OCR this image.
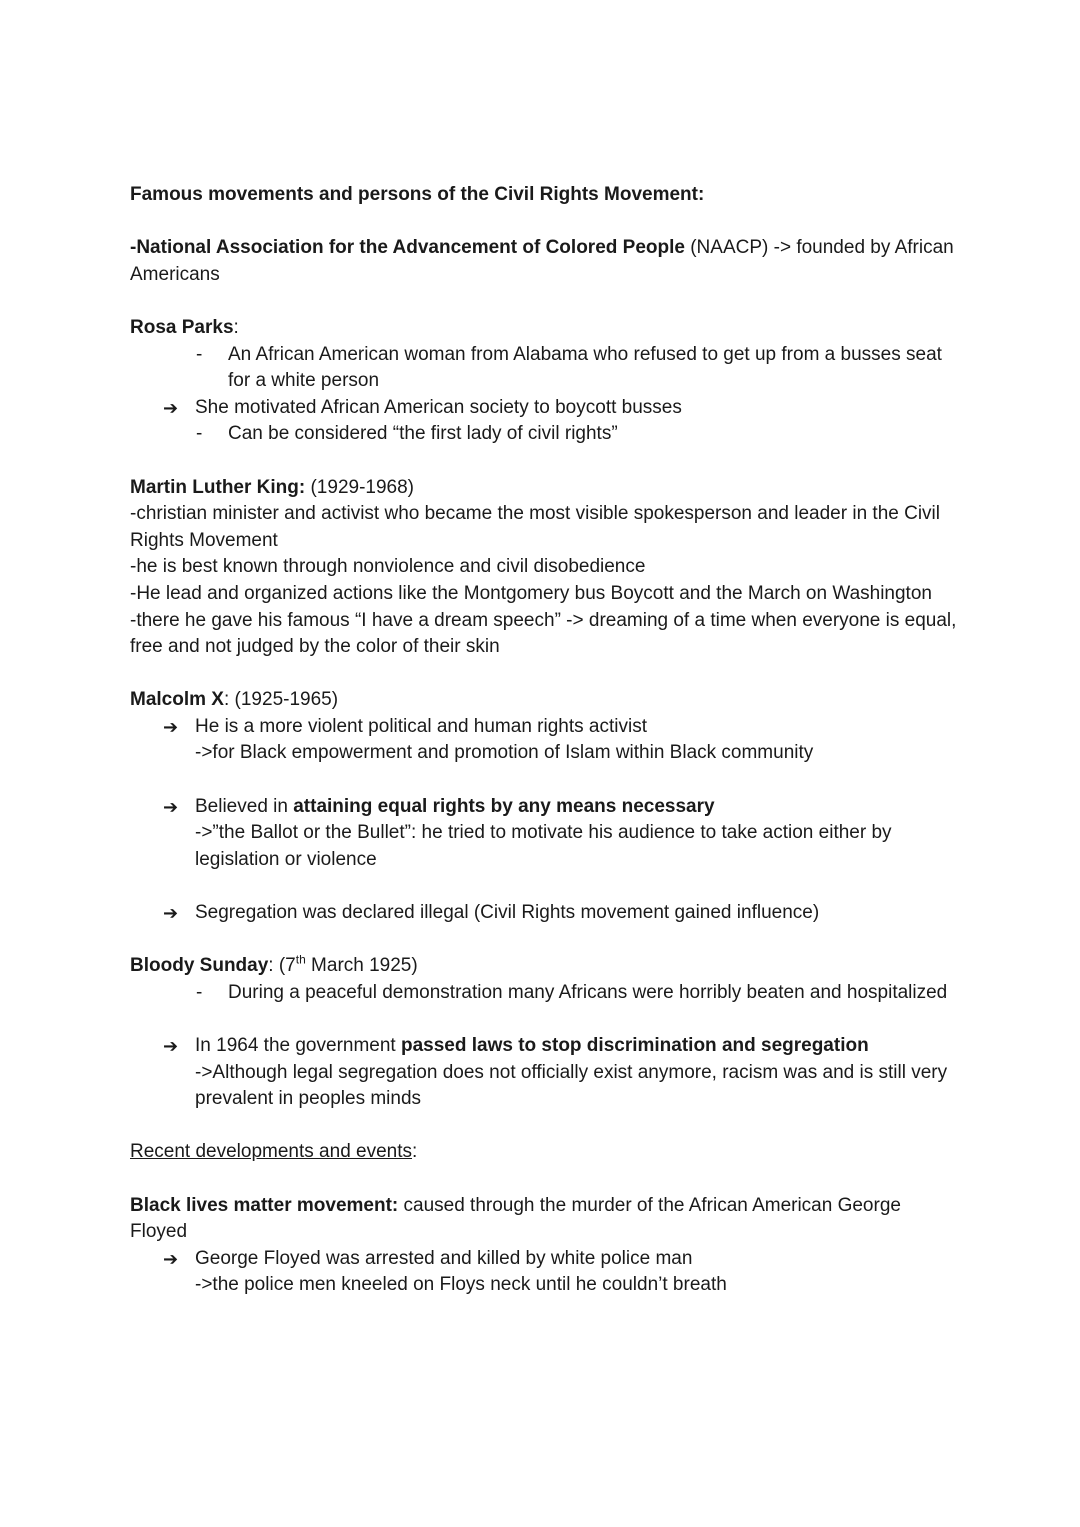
Famous movements and persons of the Civil Rights Movement:

-National Association for the Advancement of Colored People (NAACP) -> founded by African Americans

Rosa Parks:

- An African American woman from Alabama who refused to get up from a busses seat for a white person

➔ She motivated African American society to boycott busses

- Can be considered “the first lady of civil rights”

Martin Luther King: (1929-1968)

-christian minister and activist who became the most visible spokesperson and leader in the Civil Rights Movement

-he is best known through nonviolence and civil disobedience

-He lead and organized actions like the Montgomery bus Boycott and the March on Washington

-there he gave his famous “I have a dream speech” -> dreaming of a time when everyone is equal, free and not judged by the color of their skin

Malcolm X: (1925-1965)

➔ He is a more violent political and human rights activist

->for Black empowerment and promotion of Islam within Black community

➔ Believed in attaining equal rights by any means necessary

->”the Ballot or the Bullet”: he tried to motivate his audience to take action either by legislation or violence

➔ Segregation was declared illegal (Civil Rights movement gained influence)

Bloody Sunday: (7th March 1925)

- During a peaceful demonstration many Africans were horribly beaten and hospitalized

➔ In 1964 the government passed laws to stop discrimination and segregation

->Although legal segregation does not officially exist anymore, racism was and is still very prevalent in peoples minds

Recent developments and events:

Black lives matter movement: caused through the murder of the African American George Floyed

➔ George Floyed was arrested and killed by white police man

->the police men kneeled on Floys neck until he couldn’t breath
